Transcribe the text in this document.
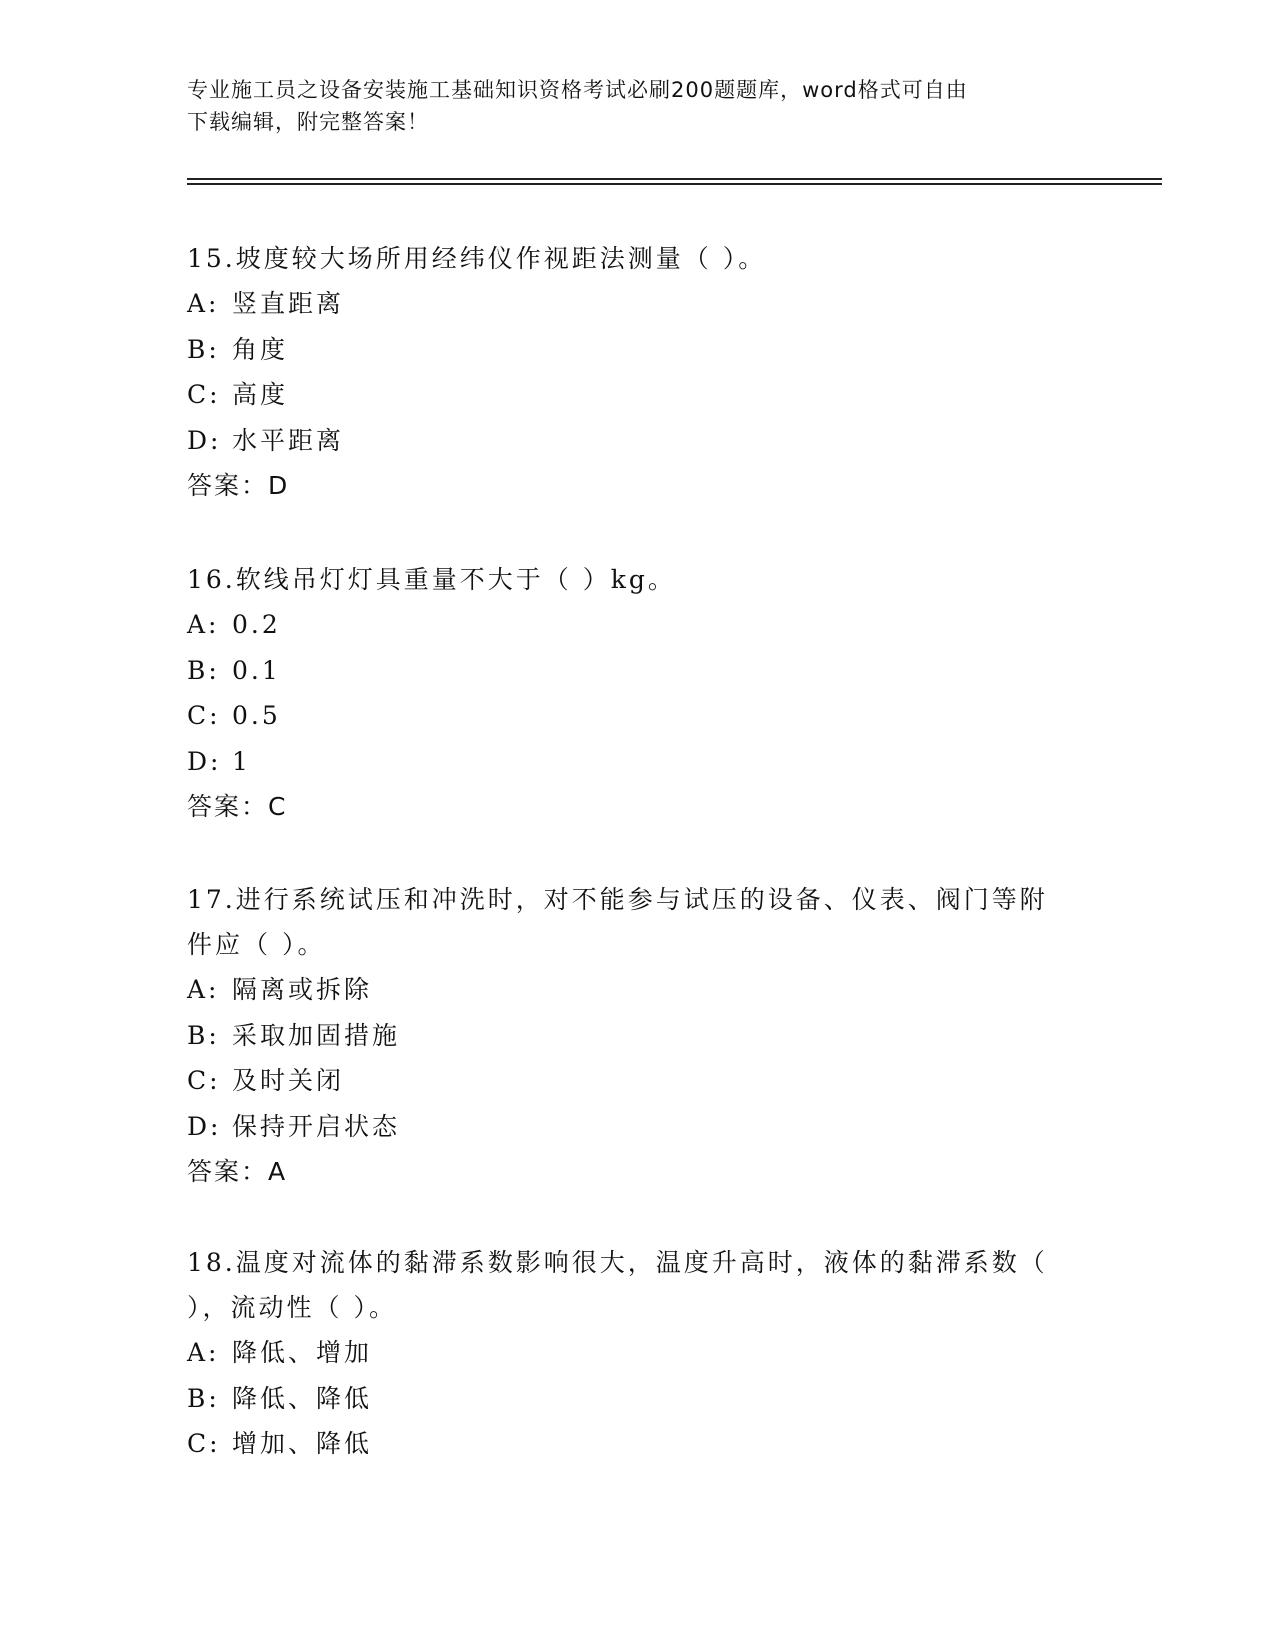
专业施工员之设备安装施工基础知识资格考试必刷200题题库，word格式可自由
下载编辑，附完整答案！

15.坡度较大场所用经纬仪作视距法测量（ ）。

A: 竖直距离

B: 角度

C: 高度

D: 水平距离

答案：D

16.软线吊灯灯具重量不大于（ ）kg。

A: 0.2

B: 0.1

C: 0.5

D: 1

答案：C

17.进行系统试压和冲洗时，对不能参与试压的设备、仪表、阀门等附

件应（ ）。

A: 隔离或拆除

B: 采取加固措施

C: 及时关闭

D: 保持开启状态

答案：A

18.温度对流体的黏滞系数影响很大，温度升高时，液体的黏滞系数（

），流动性（ ）。

A: 降低、增加

B: 降低、降低

C: 增加、降低
